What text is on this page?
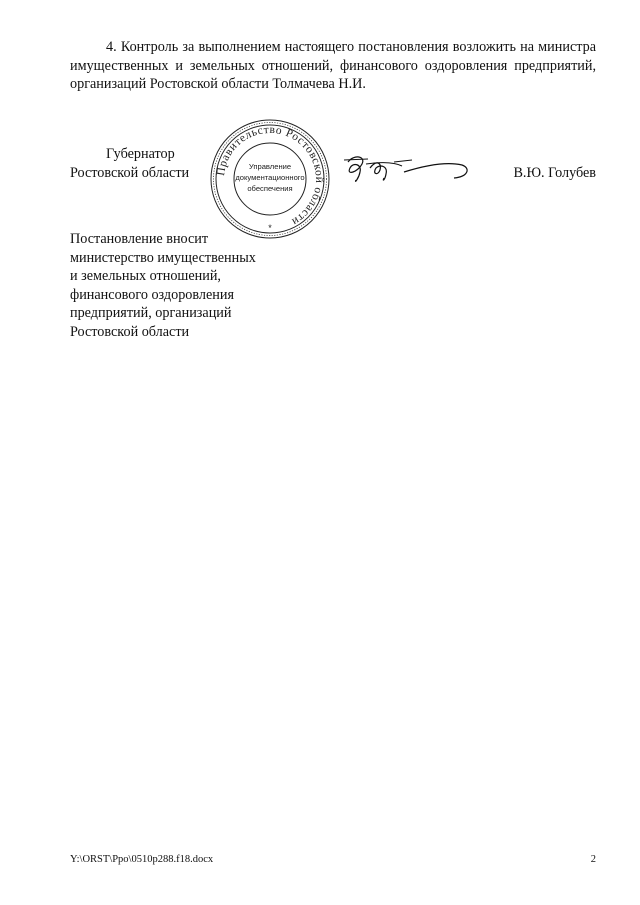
4. Контроль за выполнением настоящего постановления возложить на министра имущественных и земельных отношений, финансового оздоровления предприятий, организаций Ростовской области Толмачева Н.И.
Губернатор
Ростовской области	Правительство Ростовской области
Управление
документационного
обеспечения
*
В.Ю. Голубев
Постановление вносит
министерство имущественных
и земельных отношений,
финансового оздоровления
предприятий, организаций
Ростовской области
Y:\ORST\Ppo\0510p288.f18.docx	2
